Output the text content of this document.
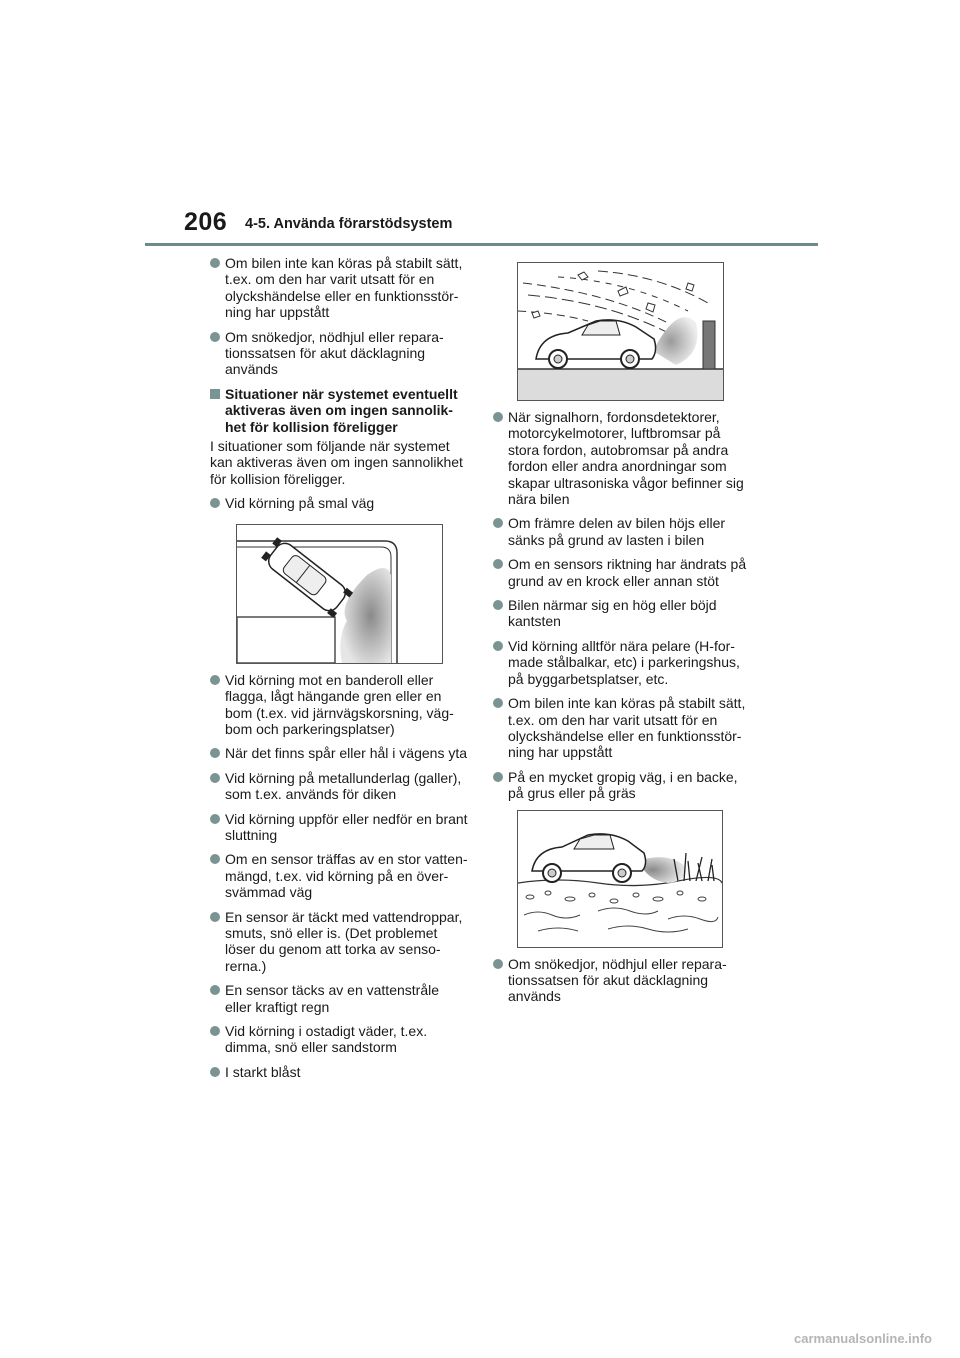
206 4-5. Använda förarstödsystem
Om bilen inte kan köras på stabilt sätt, t.ex. om den har varit utsatt för en olyckshändelse eller en funktionsstör-ning har uppstått
Om snökedjor, nödhjul eller repara-tionssatsen för akut däcklagning används
Situationer när systemet eventuellt aktiveras även om ingen sannolik-het för kollision föreligger
I situationer som följande när systemet kan aktiveras även om ingen sannolikhet för kollision föreligger.
Vid körning på smal väg
Vid körning mot en banderoll eller flagga, lågt hängande gren eller en bom (t.ex. vid järnvägskorsning, väg-bom och parkeringsplatser)
När det finns spår eller hål i vägens yta
Vid körning på metallunderlag (galler), som t.ex. används för diken
Vid körning uppför eller nedför en brant sluttning
Om en sensor träffas av en stor vatten-mängd, t.ex. vid körning på en över-svämmad väg
En sensor är täckt med vattendroppar, smuts, snö eller is. (Det problemet löser du genom att torka av senso-rerna.)
En sensor täcks av en vattenstråle eller kraftigt regn
Vid körning i ostadigt väder, t.ex. dimma, snö eller sandstorm
I starkt blåst
När signalhorn, fordonsdetektorer, motorcykelmotorer, luftbromsar på stora fordon, autobromsar på andra fordon eller andra anordningar som skapar ultrasoniska vågor befinner sig nära bilen
Om främre delen av bilen höjs eller sänks på grund av lasten i bilen
Om en sensors riktning har ändrats på grund av en krock eller annan stöt
Bilen närmar sig en hög eller böjd kantsten
Vid körning alltför nära pelare (H-for-made stålbalkar, etc) i parkeringshus, på byggarbetsplatser, etc.
Om bilen inte kan köras på stabilt sätt, t.ex. om den har varit utsatt för en olyckshändelse eller en funktionsstör-ning har uppstått
På en mycket gropig väg, i en backe, på grus eller på gräs
Om snökedjor, nödhjul eller repara-tionssatsen för akut däcklagning används
carmanualsonline.info
